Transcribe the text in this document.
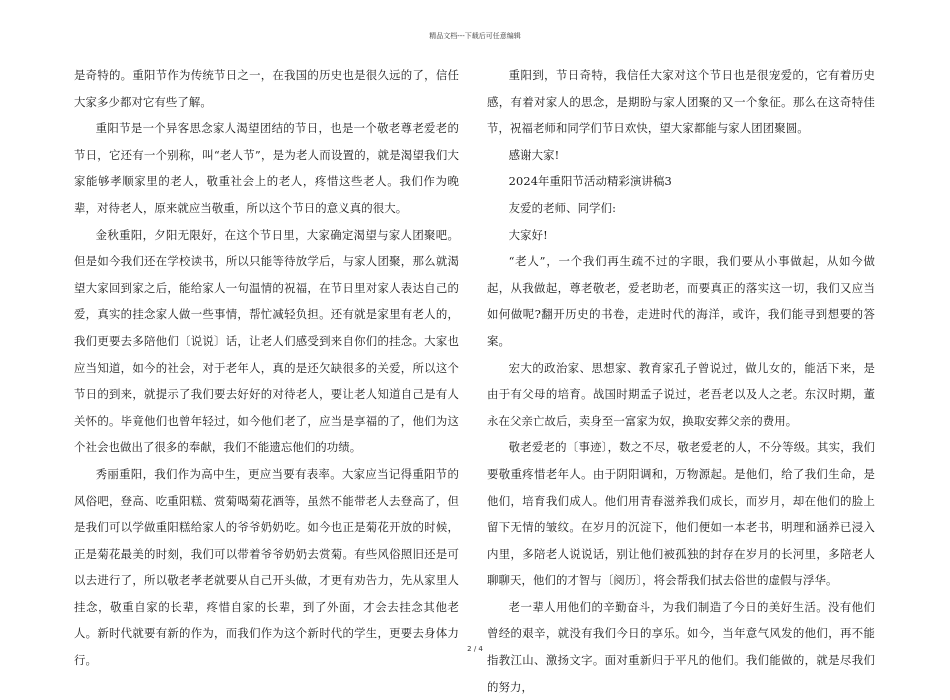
精品文档---下载后可任意编辑

是奇特的。重阳节作为传统节日之一，在我国的历史也是很久远的了，信任大家多少都对它有些了解。

重阳节是一个异客思念家人渴望团结的节日，也是一个敬老尊老爱老的节日，它还有一个别称，叫“老人节”，是为老人而设置的，就是渴望我们大家能够孝顺家里的老人，敬重社会上的老人，疼惜这些老人。我们作为晚辈，对待老人，原来就应当敬重，所以这个节日的意义真的很大。

金秋重阳，夕阳无限好，在这个节日里，大家确定渴望与家人团聚吧。但是如今我们还在学校读书，所以只能等待放学后，与家人团聚，那么就渴望大家回到家之后，能给家人一句温情的祝福，在节日里对家人表达自己的爱，真实的挂念家人做一些事情，帮忙减轻负担。还有就是家里有老人的，我们更要去多陪他们〔说说〕话，让老人们感受到来自你们的挂念。大家也应当知道，如今的社会，对于老年人，真的是还欠缺很多的关爱，所以这个节日的到来，就提示了我们要去好好的对待老人，要让老人知道自己是有人关怀的。毕竟他们也曾年轻过，如今他们老了，应当是享福的了，他们为这个社会也做出了很多的奉献，我们不能遗忘他们的功绩。

秀丽重阳，我们作为高中生，更应当要有表率。大家应当记得重阳节的风俗吧，登高、吃重阳糕、赏菊喝菊花酒等，虽然不能带老人去登高了，但是我们可以学做重阳糕给家人的爷爷奶奶吃。如今也正是菊花开放的时候，正是菊花最美的时刻，我们可以带着爷爷奶奶去赏菊。有些风俗照旧还是可以去进行了，所以敬老孝老就要从自己开头做，才更有劝告力，先从家里人挂念，敬重自家的长辈，疼惜自家的长辈，到了外面，才会去挂念其他老人。新时代就要有新的作为，而我们作为这个新时代的学生，更要去身体力行。

重阳到，节日奇特，我信任大家对这个节日也是很宠爱的，它有着历史感，有着对家人的思念，是期盼与家人团聚的又一个象征。那么在这奇特佳节，祝福老师和同学们节日欢快，望大家都能与家人团团聚圆。

感谢大家!

2024年重阳节活动精彩演讲稿3

友爱的老师、同学们:

大家好!

“老人”，一个我们再生疏不过的字眼，我们要从小事做起，从如今做起，从我做起，尊老敬老，爱老助老，而要真正的落实这一切，我们又应当如何做呢?翻开历史的书卷，走进时代的海洋，或许，我们能寻到想要的答案。

宏大的政治家、思想家、教育家孔子曾说过，做儿女的，能活下来，是由于有父母的培育。战国时期孟子说过，老吾老以及人之老。东汉时期，董永在父亲亡故后，卖身至一富家为奴，换取安葬父亲的费用。

敬老爱老的〔事迹〕，数之不尽，敬老爱老的人，不分等级。其实，我们要敬重疼惜老年人。由于阴阳调和，万物源起。是他们，给了我们生命，是他们，培育我们成人。他们用青春滋养我们成长，而岁月，却在他们的脸上留下无情的皱纹。在岁月的沉淀下，他们便如一本老书，明理和涵养已浸入内里，多陪老人说说话，别让他们被孤独的封存在岁月的长河里，多陪老人聊聊天，他们的才智与〔阅历〕，将会帮我们拭去俗世的虚假与浮华。

老一辈人用他们的辛勤奋斗，为我们制造了今日的美好生活。没有他们曾经的艰辛，就没有我们今日的享乐。如今，当年意气风发的他们，再不能指教江山、激扬文字。面对重新归于平凡的他们。我们能做的，就是尽我们的努力，

2 / 4
